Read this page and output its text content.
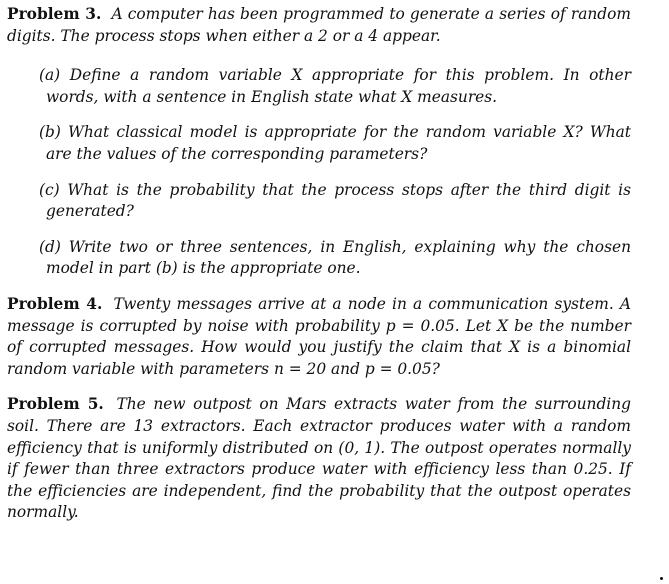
Problem 3. A computer has been programmed to generate a series of random digits. The process stops when either a 2 or a 4 appear.

(a) Define a random variable X appropriate for this problem. In other words, with a sentence in English state what X measures.

(b) What classical model is appropriate for the random variable X? What are the values of the corresponding parameters?

(c) What is the probability that the process stops after the third digit is generated?

(d) Write two or three sentences, in English, explaining why the chosen model in part (b) is the appropriate one.

Problem 4. Twenty messages arrive at a node in a communication system. A message is corrupted by noise with probability p = 0.05. Let X be the number of corrupted messages. How would you justify the claim that X is a binomial random variable with parameters n = 20 and p = 0.05?

Problem 5. The new outpost on Mars extracts water from the surrounding soil. There are 13 extractors. Each extractor produces water with a random efficiency that is uniformly distributed on (0, 1). The outpost operates normally if fewer than three extractors produce water with efficiency less than 0.25. If the efficiencies are independent, find the probability that the outpost operates normally.
